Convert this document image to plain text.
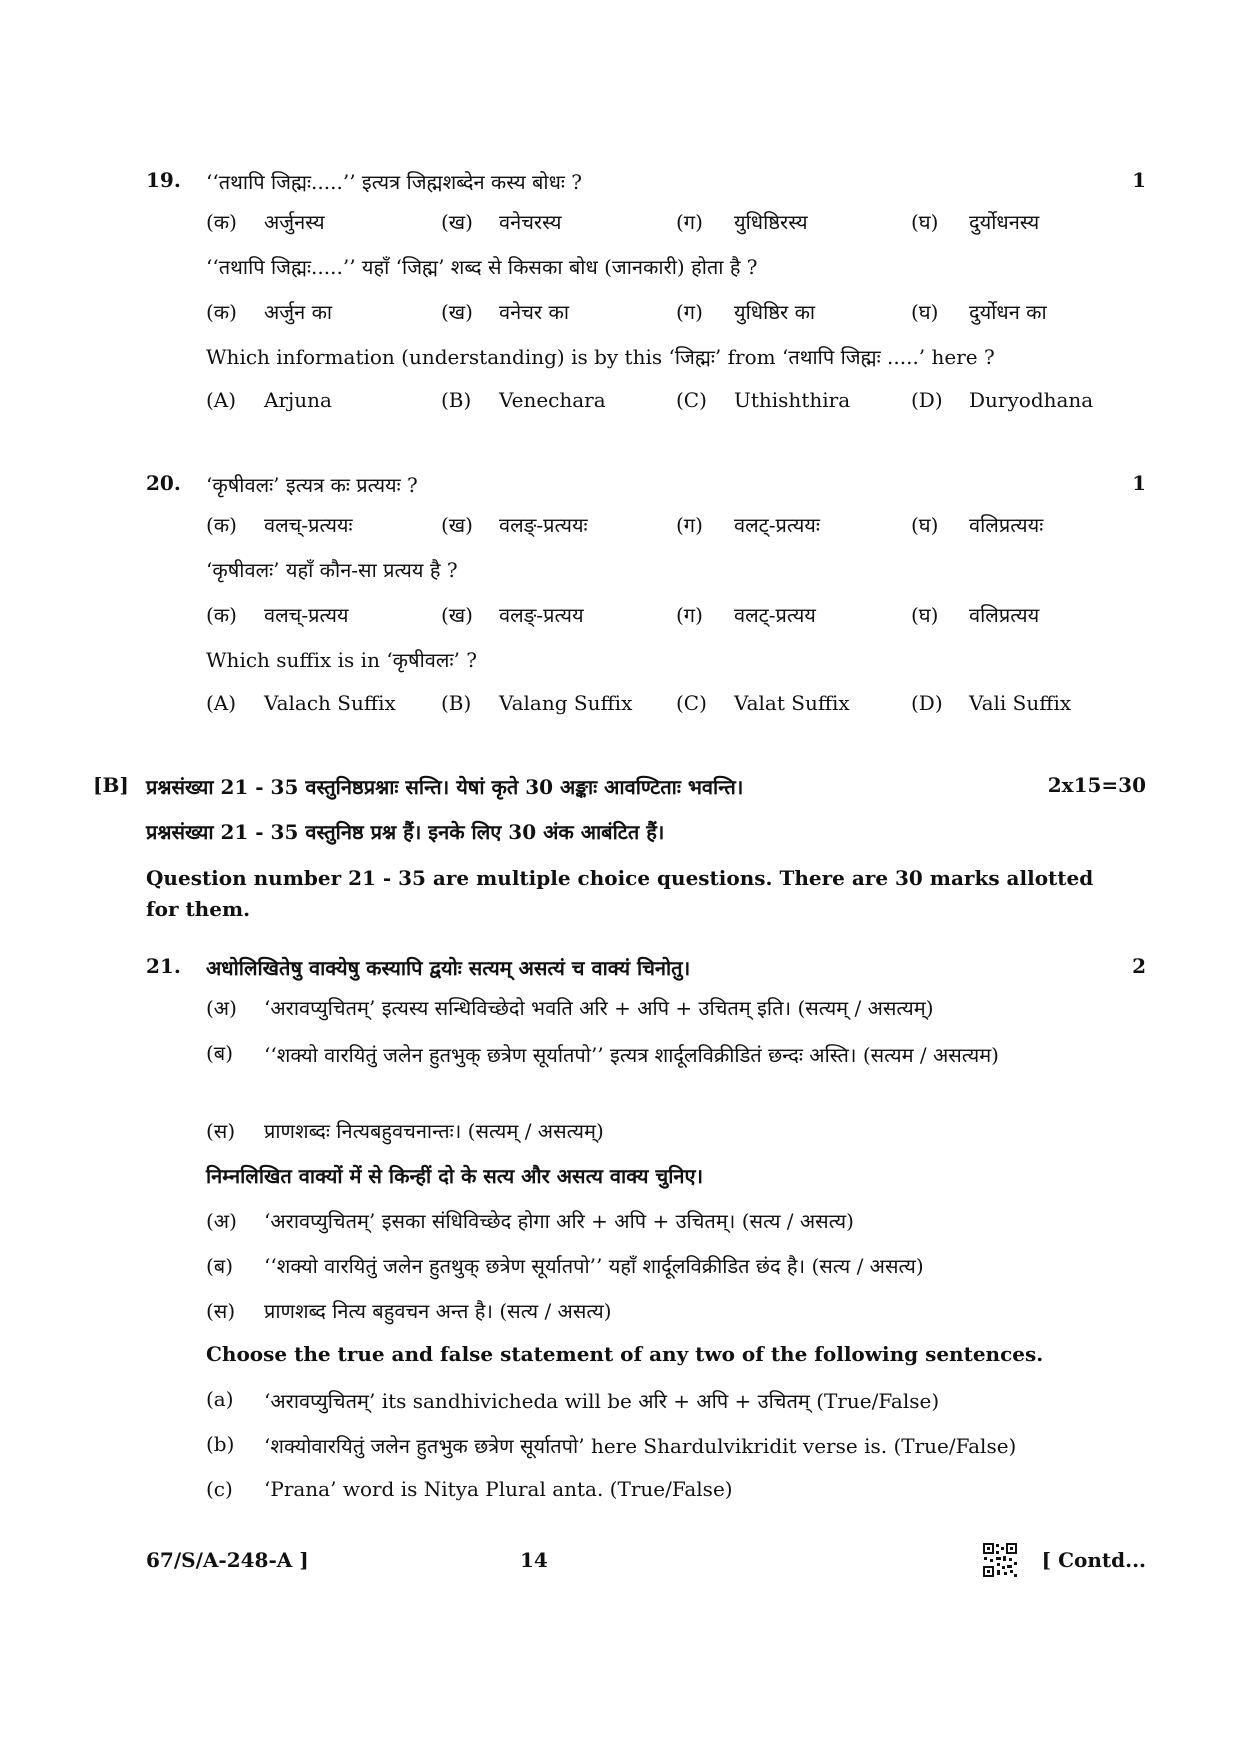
19. ‘‘तथापि जिह्मः.....’’ इत्यत्र जिह्मशब्देन कस्य बोधः ?	1
(क) अर्जुनस्य	(ख) वनेचरस्य	(ग) युधिष्ठिरस्य	(घ) दुर्योधनस्य
‘‘तथापि जिह्मः.....’’ यहाँ ‘जिह्म’ शब्द से किसका बोध (जानकारी) होता है ?
(क) अर्जुन का	(ख) वनेचर का	(ग) युधिष्ठिर का	(घ) दुर्योधन का
Which information (understanding) is by this ‘जिह्मः’ from ‘तथापि जिह्मः .....’ here ?
(A) Arjuna	(B) Venechara	(C) Uthishthira	(D) Duryodhana
20. ‘कृषीवलः’ इत्यत्र कः प्रत्ययः ?	1
(क) वलच्-प्रत्ययः	(ख) वलङ्-प्रत्ययः	(ग) वलट्-प्रत्ययः	(घ) वलिप्रत्ययः
‘कृषीवलः’ यहाँ कौन-सा प्रत्यय है ?
(क) वलच्-प्रत्यय	(ख) वलङ्-प्रत्यय	(ग) वलट्-प्रत्यय	(घ) वलिप्रत्यय
Which suffix is in ‘कृषीवलः’ ?
(A) Valach Suffix (B) Valang Suffix (C) Valat Suffix	(D) Vali Suffix
[B] प्रश्नसंख्या 21 - 35 वस्तुनिष्ठप्रश्नाः सन्ति। येषां कृते 30 अङ्काः आवण्टिताः भवन्ति।	2x15=30
प्रश्नसंख्या 21 - 35 वस्तुनिष्ठ प्रश्न हैं। इनके लिए 30 अंक आबंटित हैं।
Question number 21 - 35 are multiple choice questions. There are 30 marks allotted for them.
21. अधोलिखितेषु वाक्येषु कस्यापि द्वयोः सत्यम् असत्यं च वाक्यं चिनोतु।	2
(अ) ‘अरावप्युचितम्’ इत्यस्य सन्धिविच्छेदो भवति अरि + अपि + उचितम् इति। (सत्यम् / असत्यम्)
(ब) ‘‘शक्यो वारयितुं जलेन हुतभुक् छत्रेण सूर्यातपो’’ इत्यत्र शार्दूलविक्रीडितं छन्दः अस्ति। (सत्यम / असत्यम)
(स) प्राणशब्दः नित्यबहुवचनान्तः। (सत्यम् / असत्यम्)
निम्नलिखित वाक्यों में से किन्हीं दो के सत्य और असत्य वाक्य चुनिए।
(अ) ‘अरावप्युचितम्’ इसका संधिविच्छेद होगा अरि + अपि + उचितम्। (सत्य / असत्य)
(ब) ‘‘शक्यो वारयितुं जलेन हुतथुक् छत्रेण सूर्यातपो’’ यहाँ शार्दूलविक्रीडित छंद है। (सत्य / असत्य)
(स) प्राणशब्द नित्य बहुवचन अन्त है। (सत्य / असत्य)
Choose the true and false statement of any two of the following sentences.
(a) ‘अरावप्युचितम्’ its sandhivicheda will be अरि + अपि + उचितम् (True/False)
(b) ‘शक्योवारयितुं जलेन हुतभुक छत्रेण सूर्यातपो’ here Shardulvikridit verse is. (True/False)
(c) ‘Prana’ word is Nitya Plural anta. (True/False)
67/S/A-248-A ]	14	[ Contd...
